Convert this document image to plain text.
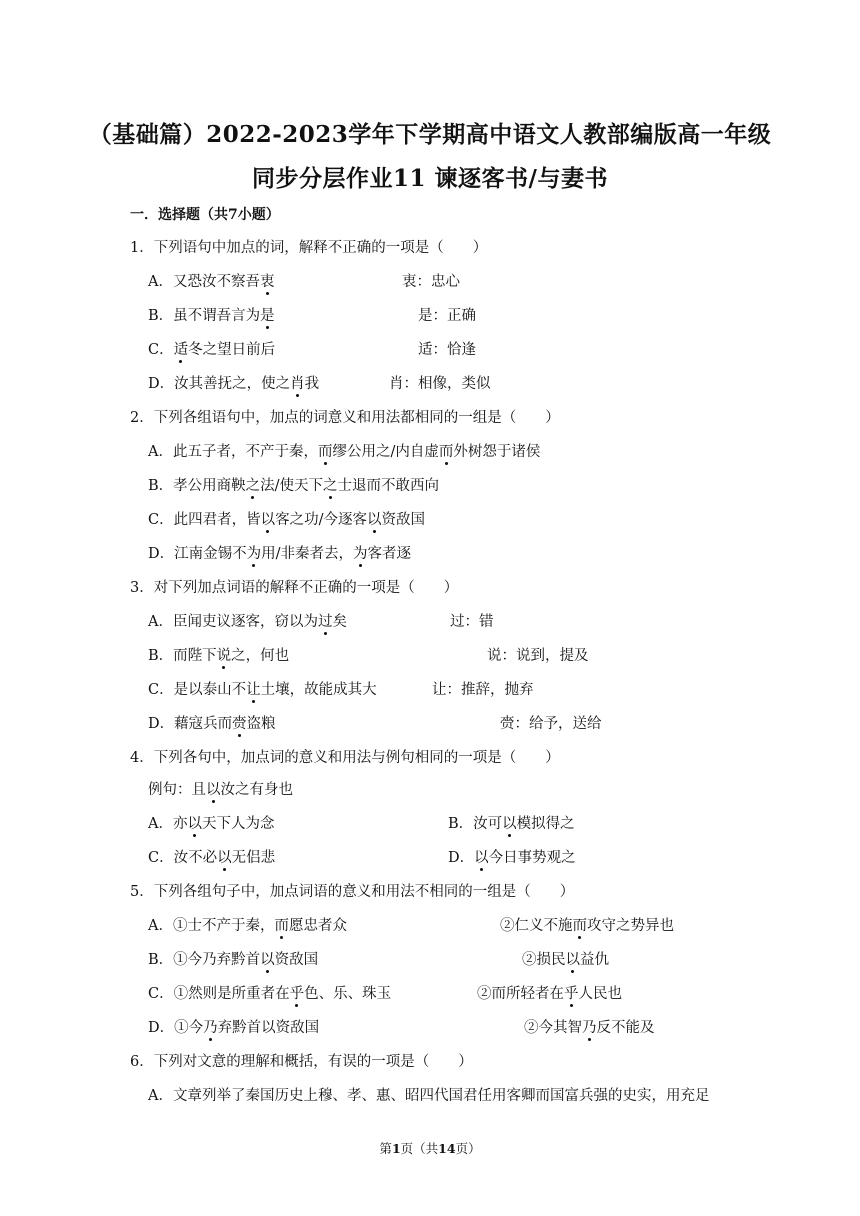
（基础篇）2022-2023学年下学期高中语文人教部编版高一年级
同步分层作业11 谏逐客书/与妻书
一．选择题（共7小题）
1．下列语句中加点的词，解释不正确的一项是（　　）
A．又恐汝不察吾衷	衷：忠心
B．虽不谓吾言为是	是：正确
C．适冬之望日前后	适：恰逢
D．汝其善抚之，使之肖我	肖：相像，类似
2．下列各组语句中，加点的词意义和用法都相同的一组是（　　）
A．此五子者，不产于秦，而缪公用之/内自虚而外树怨于诸侯
B．孝公用商鞅之法/使天下之士退而不敢西向
C．此四君者，皆以客之功/今逐客以资敌国
D．江南金锡不为用/非秦者去，为客者逐
3．对下列加点词语的解释不正确的一项是（　　）
A．臣闻吏议逐客，窃以为过矣	过：错
B．而陛下说之，何也	说：说到，提及
C．是以泰山不让土壤，故能成其大	让：推辞，抛弃
D．藉寇兵而赍盗粮	赍：给予，送给
4．下列各句中，加点词的意义和用法与例句相同的一项是（　　）
例句：且以汝之有身也
A．亦以天下人为念	B．汝可以模拟得之
C．汝不必以无侣悲	D．以今日事势观之
5．下列各组句子中，加点词语的意义和用法不相同的一组是（　　）
A．①士不产于秦，而愿忠者众	②仁义不施而攻守之势异也
B．①今乃弃黔首以资敌国	②损民以益仇
C．①然则是所重者在乎色、乐、珠玉	②而所轻者在乎人民也
D．①今乃弃黔首以资敌国	②今其智乃反不能及
6．下列对文意的理解和概括，有误的一项是（　　）
A．文章列举了秦国历史上穆、孝、惠、昭四代国君任用客卿而国富兵强的史实，用充足
第1页（共14页）
